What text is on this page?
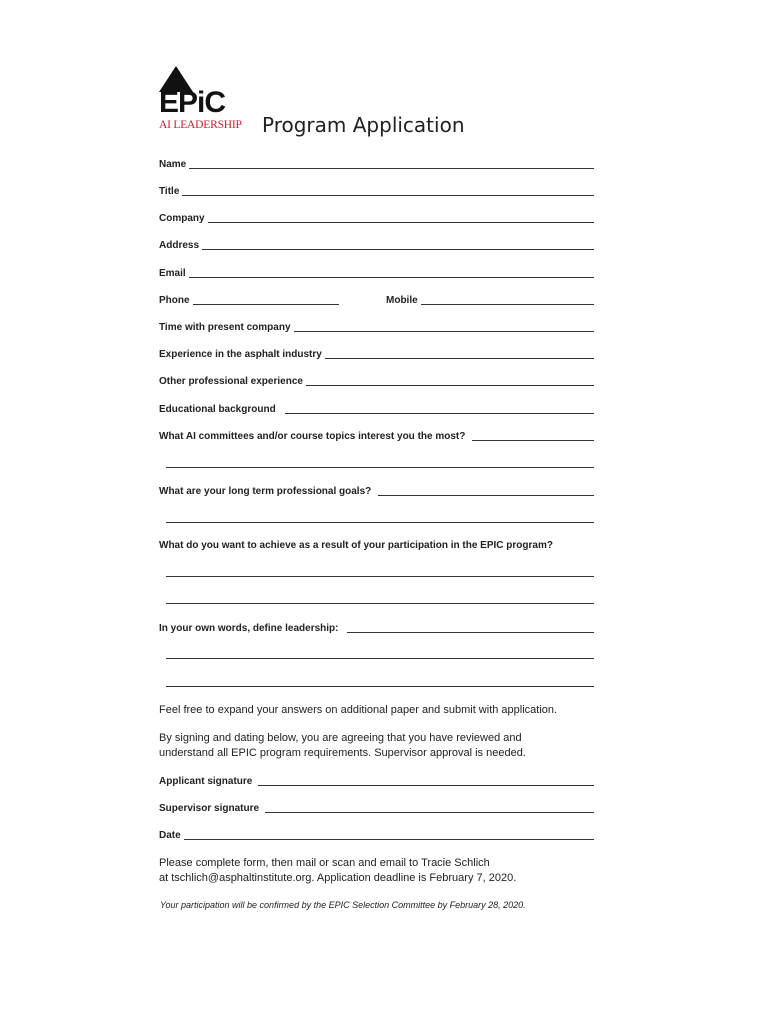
EPiC
AI LEADERSHIP	Program Application
Name
Title
Company
Address
Email
Phone	Mobile
Time with present company
Experience in the asphalt industry
Other professional experience
Educational background
What AI committees and/or course topics interest you the most?
What are your long term professional goals?
What do you want to achieve as a result of your participation in the EPIC program?
In your own words, define leadership:
Feel free to expand your answers on additional paper and submit with application.
By signing and dating below, you are agreeing that you have reviewed and
understand all EPIC program requirements. Supervisor approval is needed.
Applicant signature
Supervisor signature
Date
Please complete form, then mail or scan and email to Tracie Schlich
at tschlich@asphaltinstitute.org. Application deadline is February 7, 2020.
Your participation will be confirmed by the EPIC Selection Committee by February 28, 2020.
